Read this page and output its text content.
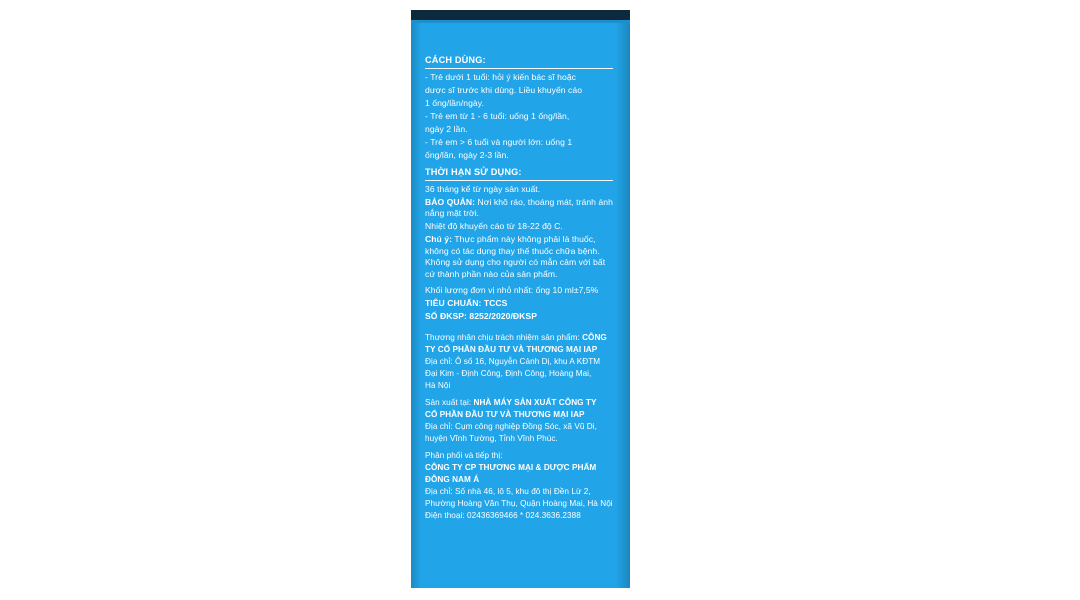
CÁCH DÙNG:
- Trẻ dưới 1 tuổi: hỏi ý kiến bác sĩ hoặc
dược sĩ trước khi dùng. Liều khuyến cáo
1 ống/lần/ngày.
- Trẻ em từ 1 - 6 tuổi: uống 1 ống/lần,
ngày 2 lần.
- Trẻ em > 6 tuổi và người lớn: uống 1
ống/lần, ngày 2-3 lần.
THỜI HẠN SỬ DỤNG:
36 tháng kể từ ngày sản xuất.
BẢO QUẢN: Nơi khô ráo, thoáng mát, tránh ánh nắng mặt trời.
Nhiệt độ khuyến cáo từ 18-22 độ C.
Chú ý: Thực phẩm này không phải là thuốc, không có tác dụng thay thế thuốc chữa bệnh. Không sử dụng cho người có mẫn cảm với bất cứ thành phần nào của sản phẩm.
Khối lượng đơn vị nhỏ nhất: ống 10 ml±7,5%
TIÊU CHUẨN: TCCS
SỐ ĐKSP: 8252/2020/ĐKSP
Thương nhân chịu trách nhiệm sản phẩm: CÔNG
TY CỔ PHẦN ĐẦU TƯ VÀ THƯƠNG MẠI IAP
Địa chỉ: Ô số 16, Nguyễn Cảnh Dị, khu A KĐTM
Đại Kim - Định Công, Định Công, Hoàng Mai,
Hà Nội
Sản xuất tại: NHÀ MÁY SẢN XUẤT CÔNG TY
CỔ PHẦN ĐẦU TƯ VÀ THƯƠNG MẠI IAP
Địa chỉ: Cụm công nghiệp Đồng Sóc, xã Vũ Di,
huyện Vĩnh Tường, Tỉnh Vĩnh Phúc.
Phân phối và tiếp thị:
CÔNG TY CP THƯƠNG MẠI & DƯỢC PHẨM
ĐÔNG NAM Á
Địa chỉ: Số nhà 46, lô 5, khu đô thị Đền Lừ 2,
Phường Hoàng Văn Thụ, Quận Hoàng Mai, Hà Nội
Điện thoại: 02436369466 * 024.3636.2388
